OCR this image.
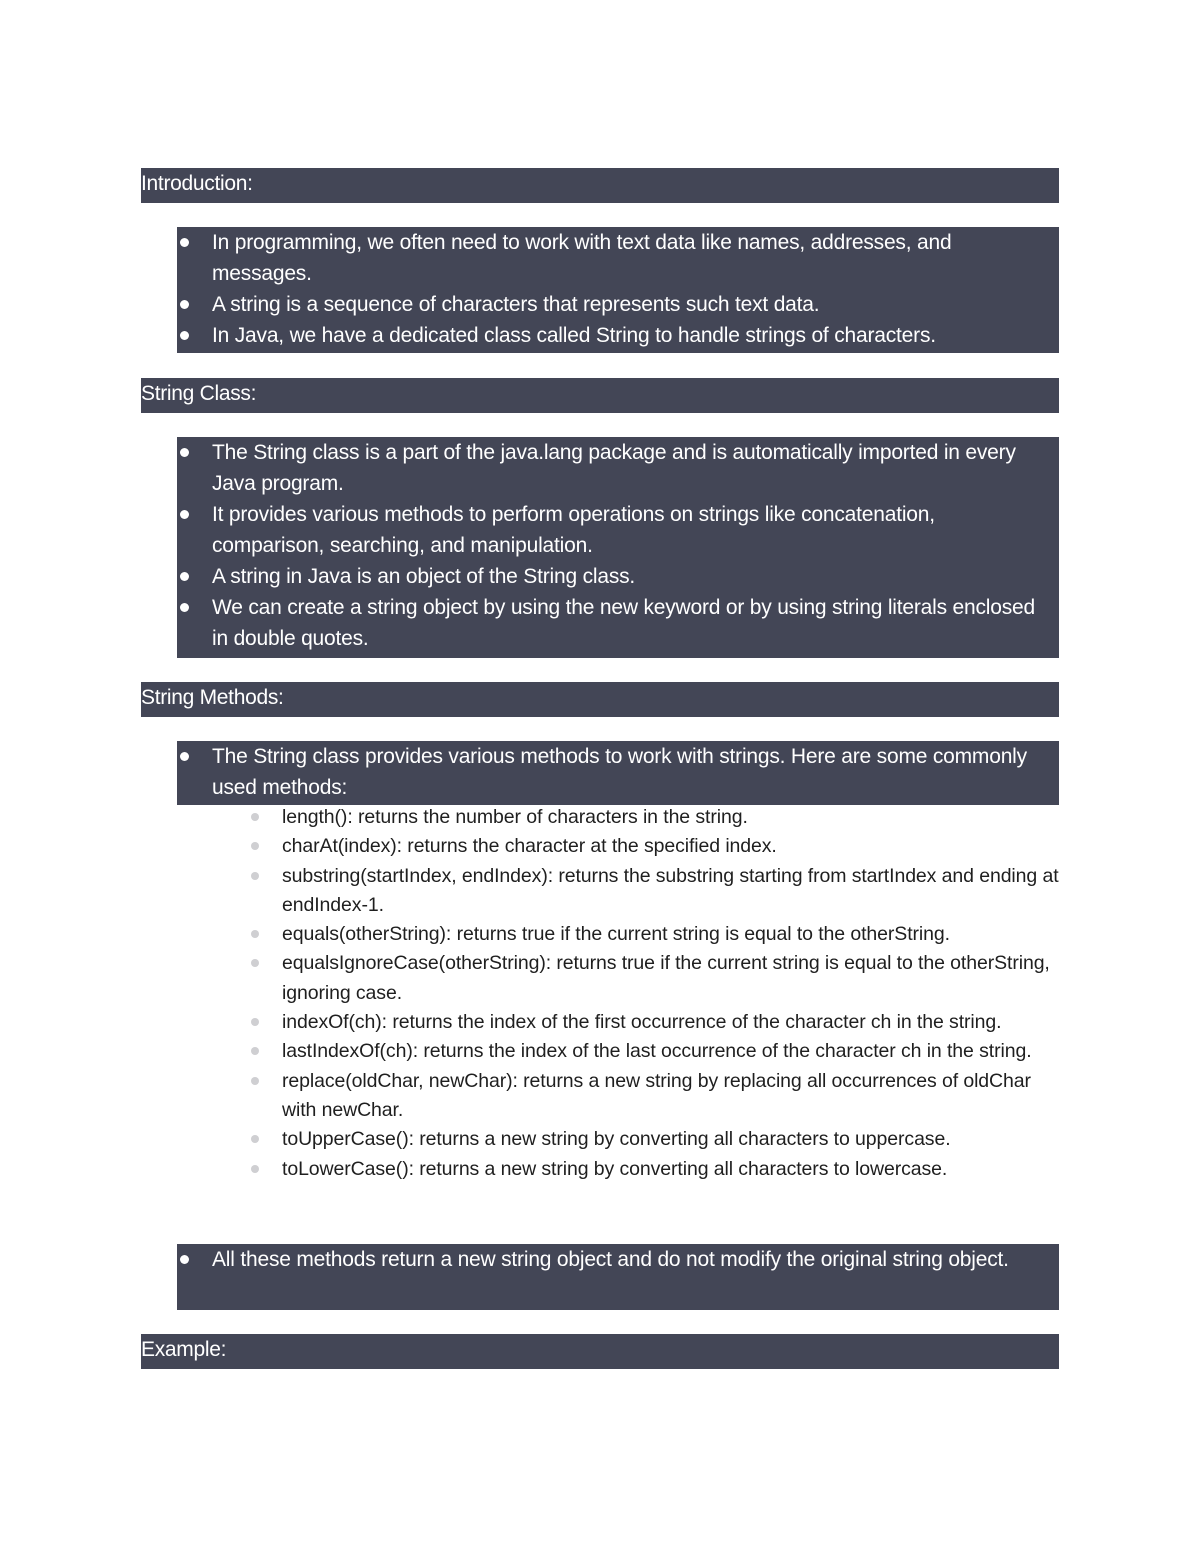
Introduction:
In programming, we often need to work with text data like names, addresses, and messages.
A string is a sequence of characters that represents such text data.
In Java, we have a dedicated class called String to handle strings of characters.
String Class:
The String class is a part of the java.lang package and is automatically imported in every Java program.
It provides various methods to perform operations on strings like concatenation, comparison, searching, and manipulation.
A string in Java is an object of the String class.
We can create a string object by using the new keyword or by using string literals enclosed in double quotes.
String Methods:
The String class provides various methods to work with strings. Here are some commonly used methods:
length(): returns the number of characters in the string.
charAt(index): returns the character at the specified index.
substring(startIndex, endIndex): returns the substring starting from startIndex and ending at endIndex-1.
equals(otherString): returns true if the current string is equal to the otherString.
equalsIgnoreCase(otherString): returns true if the current string is equal to the otherString, ignoring case.
indexOf(ch): returns the index of the first occurrence of the character ch in the string.
lastIndexOf(ch): returns the index of the last occurrence of the character ch in the string.
replace(oldChar, newChar): returns a new string by replacing all occurrences of oldChar with newChar.
toUpperCase(): returns a new string by converting all characters to uppercase.
toLowerCase(): returns a new string by converting all characters to lowercase.
All these methods return a new string object and do not modify the original string object.
Example:
